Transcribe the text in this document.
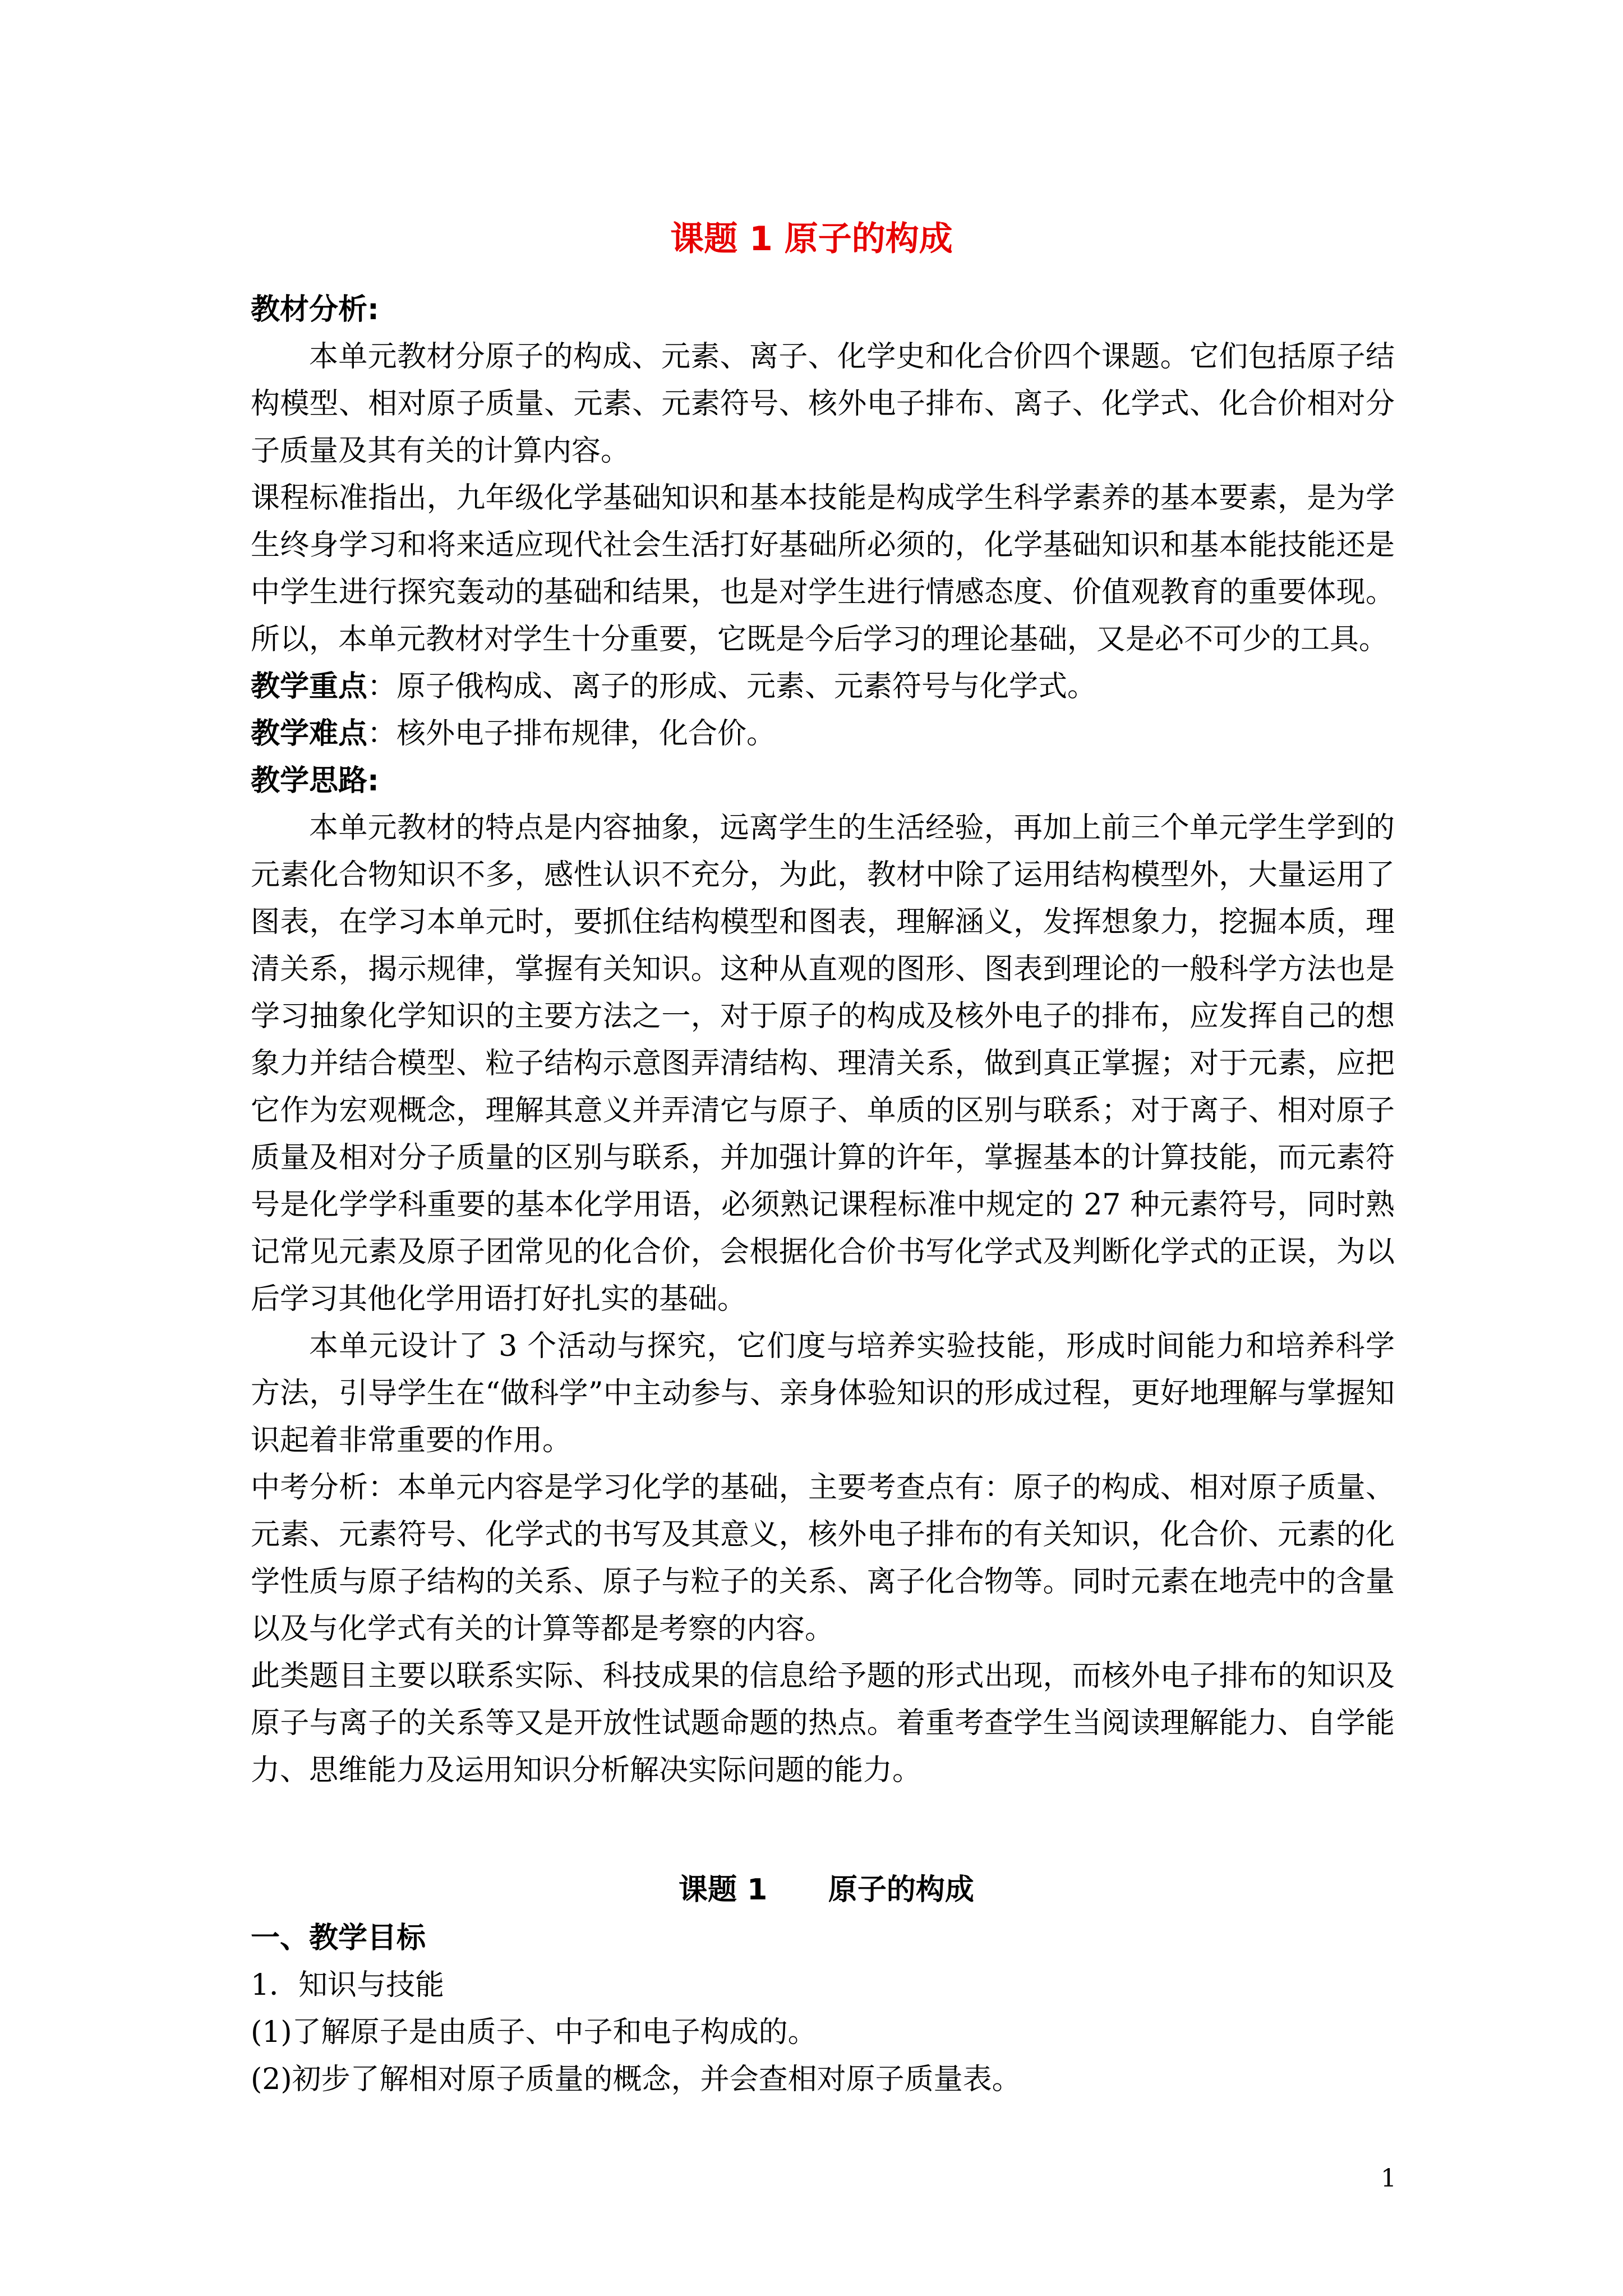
课题 1 原子的构成

教材分析:

本单元教材分原子的构成、元素、离子、化学史和化合价四个课题。它们包括原子结构模型、相对原子质量、元素、元素符号、核外电子排布、离子、化学式、化合价相对分子质量及其有关的计算内容。

课程标准指出，九年级化学基础知识和基本技能是构成学生科学素养的基本要素，是为学生终身学习和将来适应现代社会生活打好基础所必须的，化学基础知识和基本能技能还是中学生进行探究轰动的基础和结果，也是对学生进行情感态度、价值观教育的重要体现。所以，本单元教材对学生十分重要，它既是今后学习的理论基础，又是必不可少的工具。

教学重点：原子俄构成、离子的形成、元素、元素符号与化学式。

教学难点：核外电子排布规律，化合价。

教学思路:

本单元教材的特点是内容抽象，远离学生的生活经验，再加上前三个单元学生学到的元素化合物知识不多，感性认识不充分，为此，教材中除了运用结构模型外，大量运用了图表，在学习本单元时，要抓住结构模型和图表，理解涵义，发挥想象力，挖掘本质，理清关系，揭示规律，掌握有关知识。这种从直观的图形、图表到理论的一般科学方法也是学习抽象化学知识的主要方法之一，对于原子的构成及核外电子的排布，应发挥自己的想象力并结合模型、粒子结构示意图弄清结构、理清关系，做到真正掌握；对于元素，应把它作为宏观概念，理解其意义并弄清它与原子、单质的区别与联系；对于离子、相对原子质量及相对分子质量的区别与联系，并加强计算的许年，掌握基本的计算技能，而元素符号是化学学科重要的基本化学用语，必须熟记课程标准中规定的 27 种元素符号，同时熟记常见元素及原子团常见的化合价，会根据化合价书写化学式及判断化学式的正误，为以后学习其他化学用语打好扎实的基础。

本单元设计了 3 个活动与探究，它们度与培养实验技能，形成时间能力和培养科学方法，引导学生在“做科学”中主动参与、亲身体验知识的形成过程，更好地理解与掌握知识起着非常重要的作用。

中考分析：本单元内容是学习化学的基础，主要考查点有：原子的构成、相对原子质量、元素、元素符号、化学式的书写及其意义，核外电子排布的有关知识，化合价、元素的化学性质与原子结构的关系、原子与粒子的关系、离子化合物等。同时元素在地壳中的含量以及与化学式有关的计算等都是考察的内容。

此类题目主要以联系实际、科技成果的信息给予题的形式出现，而核外电子排布的知识及原子与离子的关系等又是开放性试题命题的热点。着重考查学生当阅读理解能力、自学能力、思维能力及运用知识分析解决实际问题的能力。

课题 1      原子的构成

一、教学目标

1．知识与技能

(1)了解原子是由质子、中子和电子构成的。

(2)初步了解相对原子质量的概念，并会查相对原子质量表。

1
